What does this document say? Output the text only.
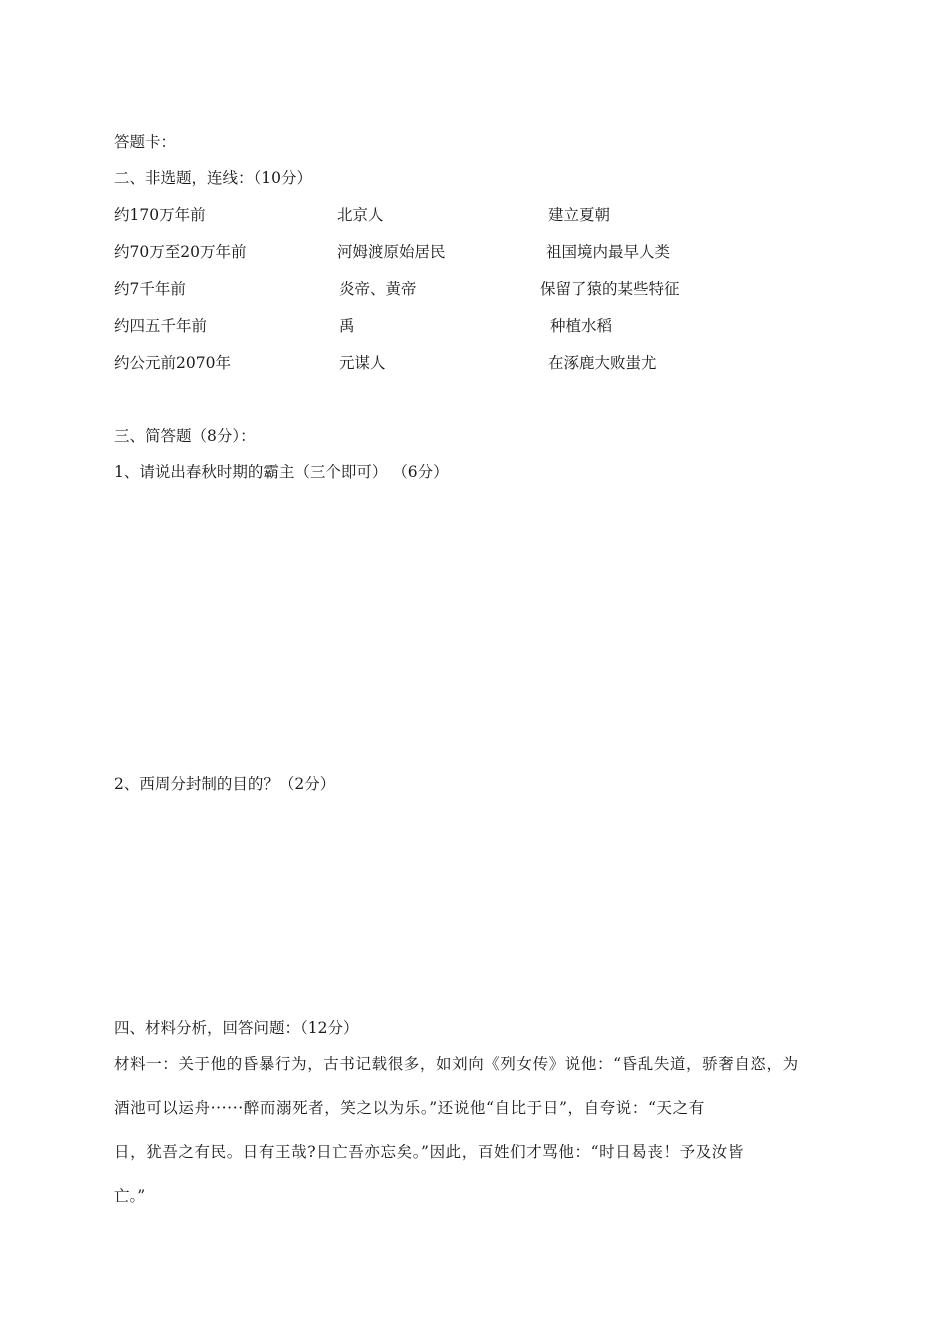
答题卡：
二、非选题，连线：（10分）
约170万年前	北京人	建立夏朝
约70万至20万年前	河姆渡原始居民	祖国境内最早人类
约7千年前	炎帝、黄帝	保留了猿的某些特征
约四五千年前	禹	种植水稻
约公元前2070年	元谋人	在涿鹿大败蚩尤
三、简答题（8分）：
1、请说出春秋时期的霸主（三个即可） （6分）
2、西周分封制的目的？（2分）
四、材料分析，回答问题：（12分）
材料一：关于他的昏暴行为，古书记载很多，如刘向《列女传》说他：“昏乱失道，骄奢自恣，为
酒池可以运舟······醉而溺死者，笑之以为乐。”还说他“自比于日”，自夸说：“天之有
日，犹吾之有民。日有王哉?日亡吾亦忘矣。”因此，百姓们才骂他：“时日曷丧！予及汝皆
亡。”
